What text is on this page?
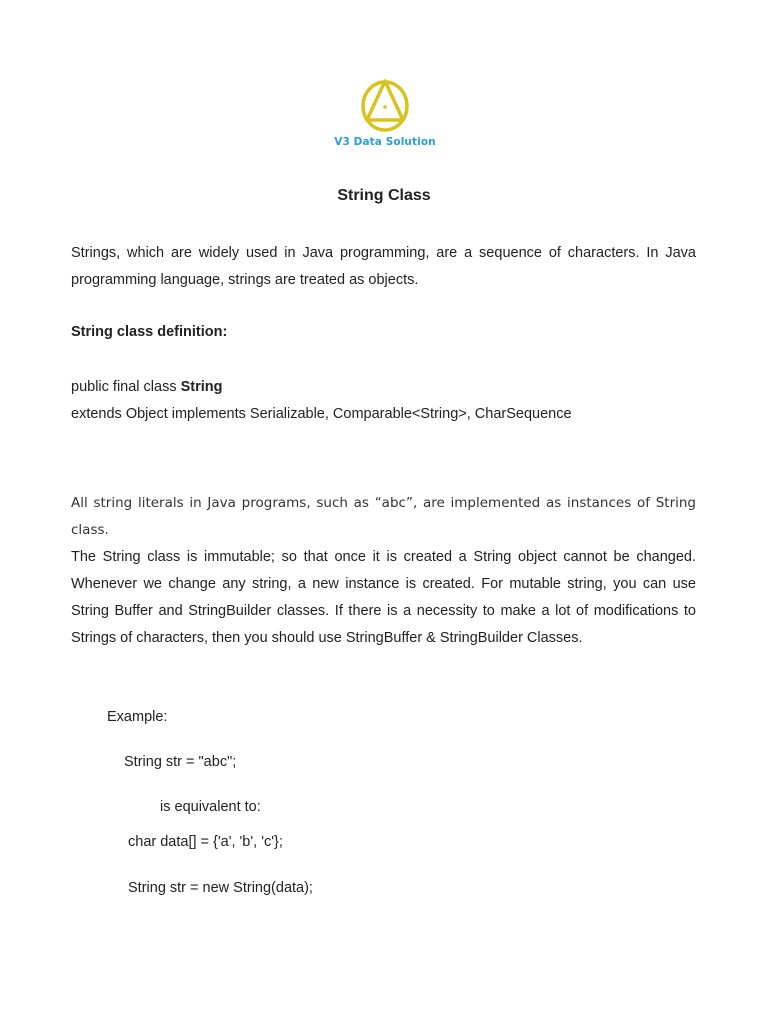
V3 Data Solution
String Class

Strings, which are widely used in Java programming, are a sequence of characters. In Java programming language, strings are treated as objects.

String class definition:
public final class String
extends Object implements Serializable, Comparable<String>, CharSequence

All string literals in Java programs, such as “abc”, are implemented as instances of String class.

The String class is immutable; so that once it is created a String object cannot be changed. Whenever we change any string, a new instance is created. For mutable string, you can use String Buffer and StringBuilder classes. If there is a necessity to make a lot of modifications to Strings of characters, then you should use StringBuffer & StringBuilder Classes.

Example:
String str = "abc";
is equivalent to:
char data[] = {'a', 'b', 'c'};
String str = new String(data);
